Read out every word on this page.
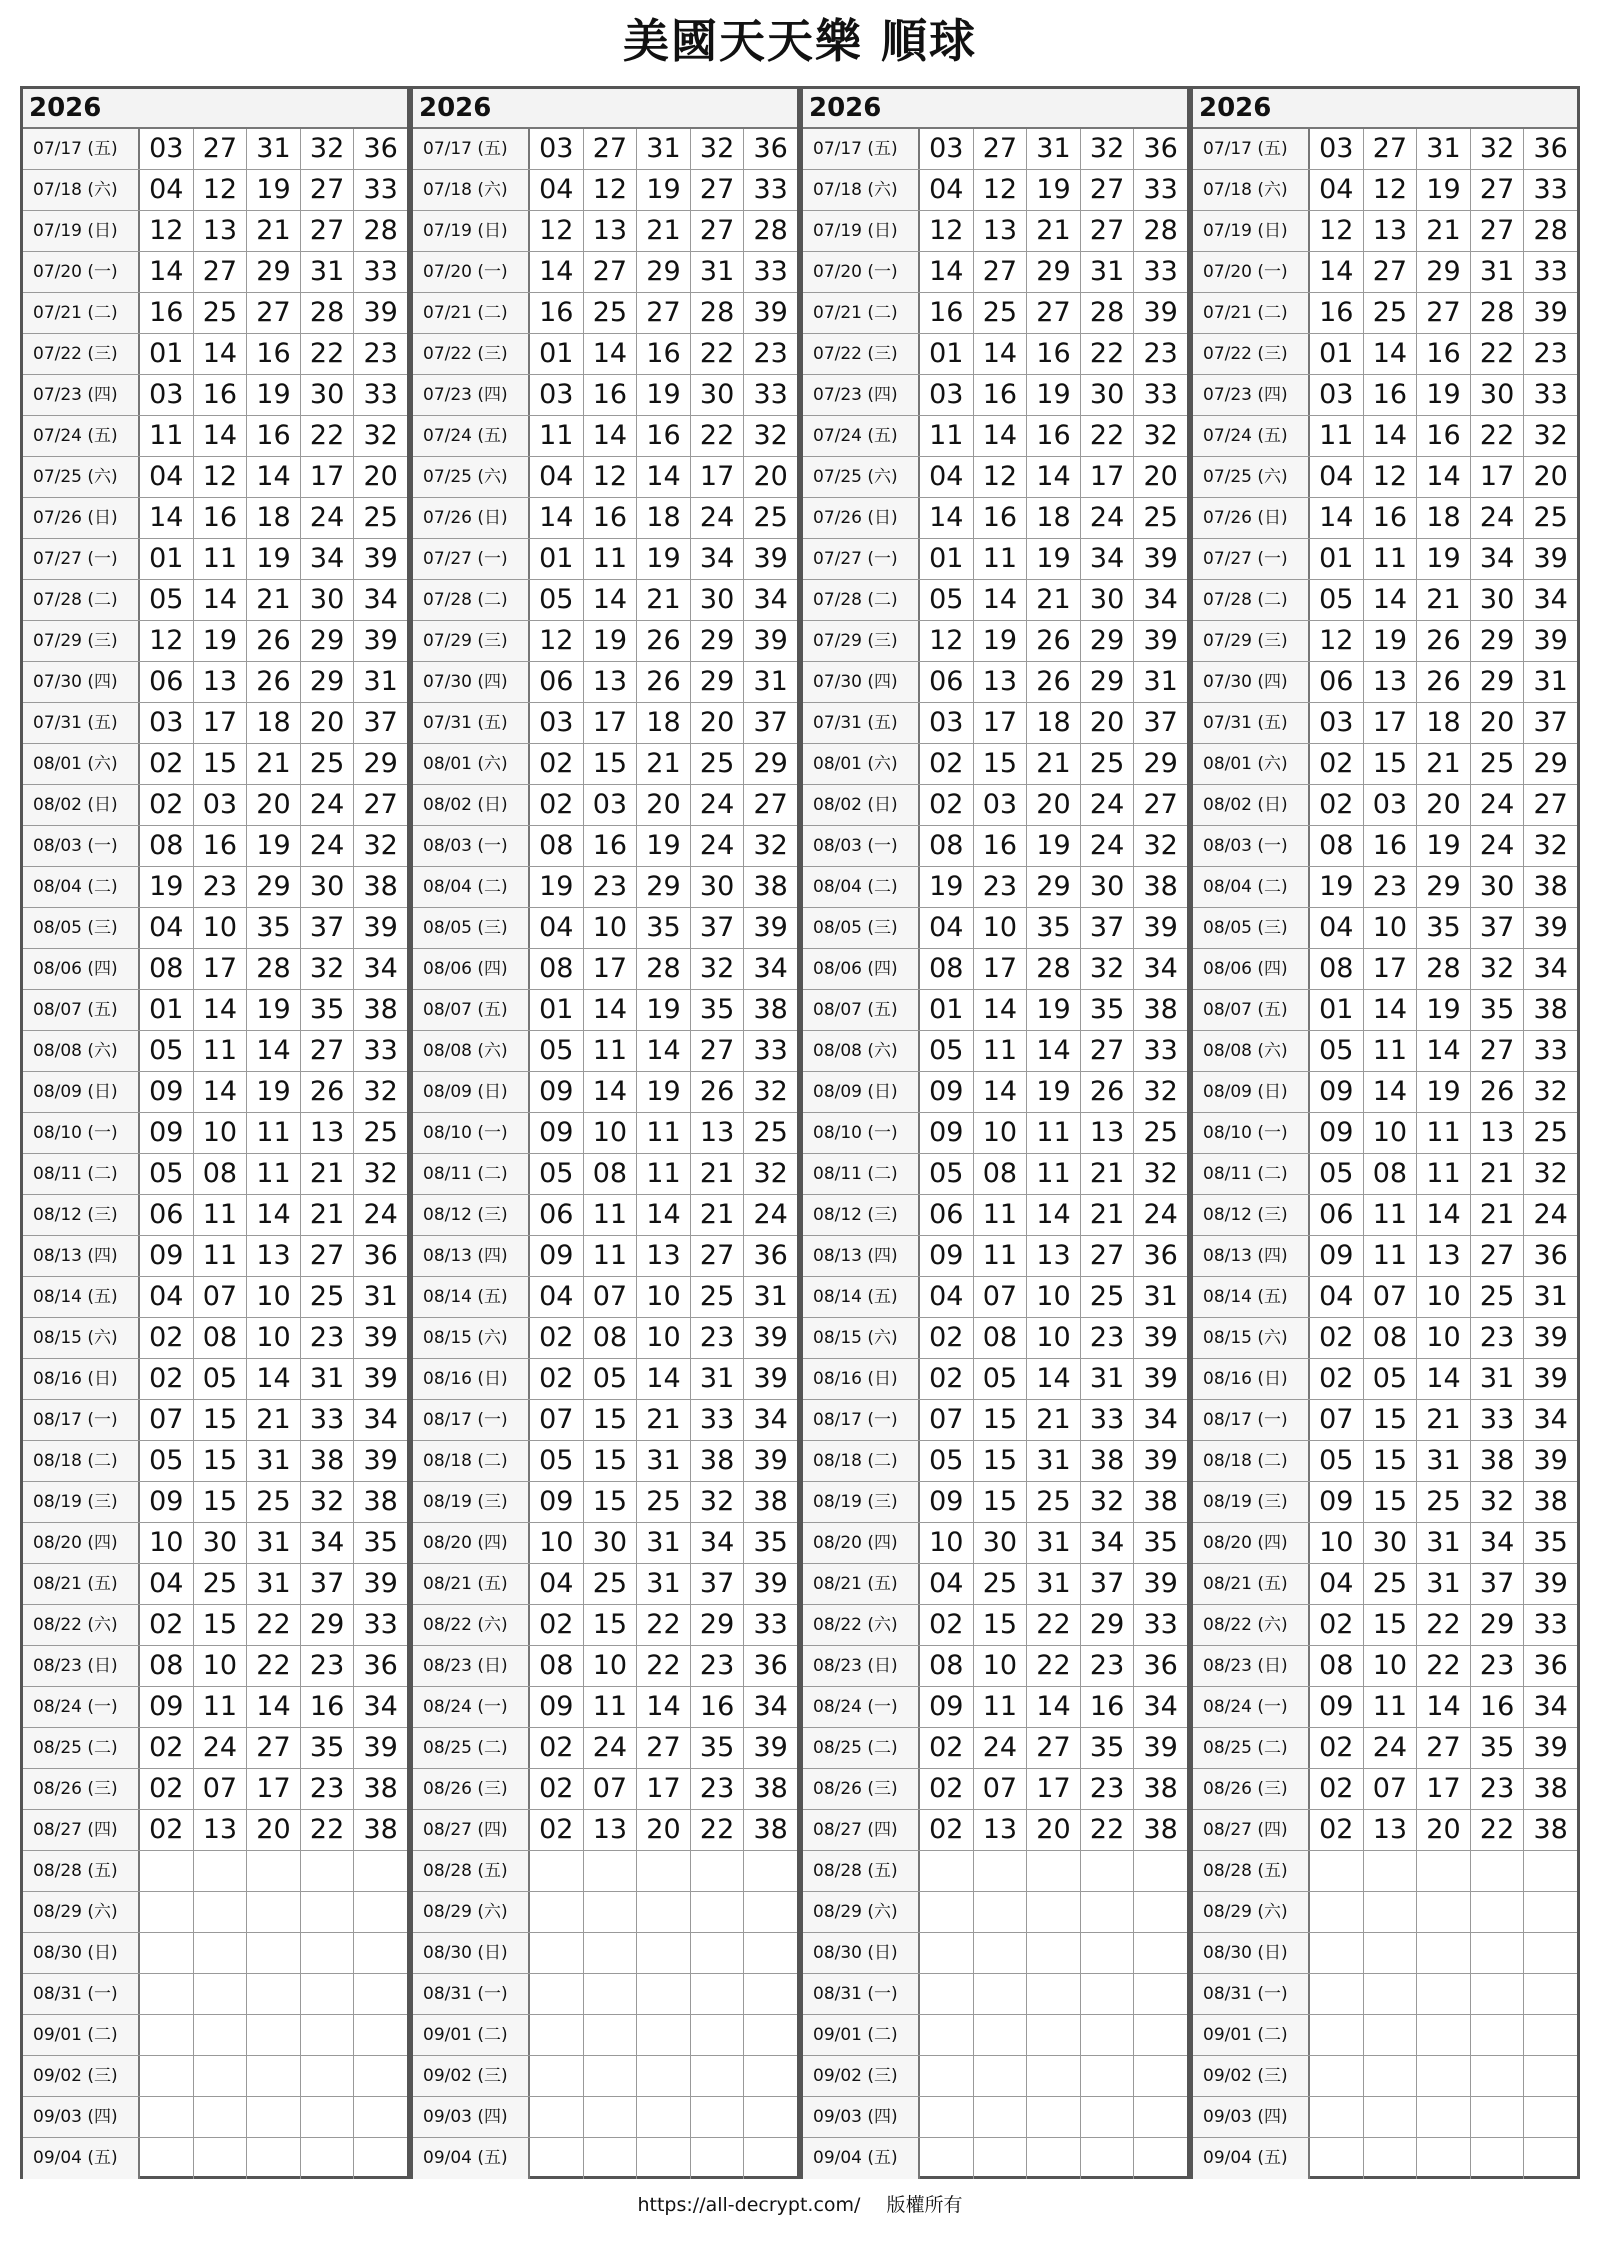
美國天天樂 順球
2026
07/17 (五)	03 27 31 32 36
07/18 (六)	04 12 19 27 33
07/19 (日)	12 13 21 27 28
07/20 (一)	14 27 29 31 33
07/21 (二)	16 25 27 28 39
07/22 (三)	01 14 16 22 23
07/23 (四)	03 16 19 30 33
07/24 (五)	11 14 16 22 32
07/25 (六)	04 12 14 17 20
07/26 (日)	14 16 18 24 25
07/27 (一)	01 11 19 34 39
07/28 (二)	05 14 21 30 34
07/29 (三)	12 19 26 29 39
07/30 (四)	06 13 26 29 31
07/31 (五)	03 17 18 20 37
08/01 (六)	02 15 21 25 29
08/02 (日)	02 03 20 24 27
08/03 (一)	08 16 19 24 32
08/04 (二)	19 23 29 30 38
08/05 (三)	04 10 35 37 39
08/06 (四)	08 17 28 32 34
08/07 (五)	01 14 19 35 38
08/08 (六)	05 11 14 27 33
08/09 (日)	09 14 19 26 32
08/10 (一)	09 10 11 13 25
08/11 (二)	05 08 11 21 32
08/12 (三)	06 11 14 21 24
08/13 (四)	09 11 13 27 36
08/14 (五)	04 07 10 25 31
08/15 (六)	02 08 10 23 39
08/16 (日)	02 05 14 31 39
08/17 (一)	07 15 21 33 34
08/18 (二)	05 15 31 38 39
08/19 (三)	09 15 25 32 38
08/20 (四)	10 30 31 34 35
08/21 (五)	04 25 31 37 39
08/22 (六)	02 15 22 29 33
08/23 (日)	08 10 22 23 36
08/24 (一)	09 11 14 16 34
08/25 (二)	02 24 27 35 39
08/26 (三)	02 07 17 23 38
08/27 (四)	02 13 20 22 38
08/28 (五)
08/29 (六)
08/30 (日)
08/31 (一)
09/01 (二)
09/02 (三)
09/03 (四)
09/04 (五)
2026
07/17 (五)	03 27 31 32 36
07/18 (六)	04 12 19 27 33
07/19 (日)	12 13 21 27 28
07/20 (一)	14 27 29 31 33
07/21 (二)	16 25 27 28 39
07/22 (三)	01 14 16 22 23
07/23 (四)	03 16 19 30 33
07/24 (五)	11 14 16 22 32
07/25 (六)	04 12 14 17 20
07/26 (日)	14 16 18 24 25
07/27 (一)	01 11 19 34 39
07/28 (二)	05 14 21 30 34
07/29 (三)	12 19 26 29 39
07/30 (四)	06 13 26 29 31
07/31 (五)	03 17 18 20 37
08/01 (六)	02 15 21 25 29
08/02 (日)	02 03 20 24 27
08/03 (一)	08 16 19 24 32
08/04 (二)	19 23 29 30 38
08/05 (三)	04 10 35 37 39
08/06 (四)	08 17 28 32 34
08/07 (五)	01 14 19 35 38
08/08 (六)	05 11 14 27 33
08/09 (日)	09 14 19 26 32
08/10 (一)	09 10 11 13 25
08/11 (二)	05 08 11 21 32
08/12 (三)	06 11 14 21 24
08/13 (四)	09 11 13 27 36
08/14 (五)	04 07 10 25 31
08/15 (六)	02 08 10 23 39
08/16 (日)	02 05 14 31 39
08/17 (一)	07 15 21 33 34
08/18 (二)	05 15 31 38 39
08/19 (三)	09 15 25 32 38
08/20 (四)	10 30 31 34 35
08/21 (五)	04 25 31 37 39
08/22 (六)	02 15 22 29 33
08/23 (日)	08 10 22 23 36
08/24 (一)	09 11 14 16 34
08/25 (二)	02 24 27 35 39
08/26 (三)	02 07 17 23 38
08/27 (四)	02 13 20 22 38
08/28 (五)
08/29 (六)
08/30 (日)
08/31 (一)
09/01 (二)
09/02 (三)
09/03 (四)
09/04 (五)
2026
07/17 (五)	03 27 31 32 36
07/18 (六)	04 12 19 27 33
07/19 (日)	12 13 21 27 28
07/20 (一)	14 27 29 31 33
07/21 (二)	16 25 27 28 39
07/22 (三)	01 14 16 22 23
07/23 (四)	03 16 19 30 33
07/24 (五)	11 14 16 22 32
07/25 (六)	04 12 14 17 20
07/26 (日)	14 16 18 24 25
07/27 (一)	01 11 19 34 39
07/28 (二)	05 14 21 30 34
07/29 (三)	12 19 26 29 39
07/30 (四)	06 13 26 29 31
07/31 (五)	03 17 18 20 37
08/01 (六)	02 15 21 25 29
08/02 (日)	02 03 20 24 27
08/03 (一)	08 16 19 24 32
08/04 (二)	19 23 29 30 38
08/05 (三)	04 10 35 37 39
08/06 (四)	08 17 28 32 34
08/07 (五)	01 14 19 35 38
08/08 (六)	05 11 14 27 33
08/09 (日)	09 14 19 26 32
08/10 (一)	09 10 11 13 25
08/11 (二)	05 08 11 21 32
08/12 (三)	06 11 14 21 24
08/13 (四)	09 11 13 27 36
08/14 (五)	04 07 10 25 31
08/15 (六)	02 08 10 23 39
08/16 (日)	02 05 14 31 39
08/17 (一)	07 15 21 33 34
08/18 (二)	05 15 31 38 39
08/19 (三)	09 15 25 32 38
08/20 (四)	10 30 31 34 35
08/21 (五)	04 25 31 37 39
08/22 (六)	02 15 22 29 33
08/23 (日)	08 10 22 23 36
08/24 (一)	09 11 14 16 34
08/25 (二)	02 24 27 35 39
08/26 (三)	02 07 17 23 38
08/27 (四)	02 13 20 22 38
08/28 (五)
08/29 (六)
08/30 (日)
08/31 (一)
09/01 (二)
09/02 (三)
09/03 (四)
09/04 (五)
2026
07/17 (五)	03 27 31 32 36
07/18 (六)	04 12 19 27 33
07/19 (日)	12 13 21 27 28
07/20 (一)	14 27 29 31 33
07/21 (二)	16 25 27 28 39
07/22 (三)	01 14 16 22 23
07/23 (四)	03 16 19 30 33
07/24 (五)	11 14 16 22 32
07/25 (六)	04 12 14 17 20
07/26 (日)	14 16 18 24 25
07/27 (一)	01 11 19 34 39
07/28 (二)	05 14 21 30 34
07/29 (三)	12 19 26 29 39
07/30 (四)	06 13 26 29 31
07/31 (五)	03 17 18 20 37
08/01 (六)	02 15 21 25 29
08/02 (日)	02 03 20 24 27
08/03 (一)	08 16 19 24 32
08/04 (二)	19 23 29 30 38
08/05 (三)	04 10 35 37 39
08/06 (四)	08 17 28 32 34
08/07 (五)	01 14 19 35 38
08/08 (六)	05 11 14 27 33
08/09 (日)	09 14 19 26 32
08/10 (一)	09 10 11 13 25
08/11 (二)	05 08 11 21 32
08/12 (三)	06 11 14 21 24
08/13 (四)	09 11 13 27 36
08/14 (五)	04 07 10 25 31
08/15 (六)	02 08 10 23 39
08/16 (日)	02 05 14 31 39
08/17 (一)	07 15 21 33 34
08/18 (二)	05 15 31 38 39
08/19 (三)	09 15 25 32 38
08/20 (四)	10 30 31 34 35
08/21 (五)	04 25 31 37 39
08/22 (六)	02 15 22 29 33
08/23 (日)	08 10 22 23 36
08/24 (一)	09 11 14 16 34
08/25 (二)	02 24 27 35 39
08/26 (三)	02 07 17 23 38
08/27 (四)	02 13 20 22 38
08/28 (五)
08/29 (六)
08/30 (日)
08/31 (一)
09/01 (二)
09/02 (三)
09/03 (四)
09/04 (五)
https://all-decrypt.com/ 版權所有
